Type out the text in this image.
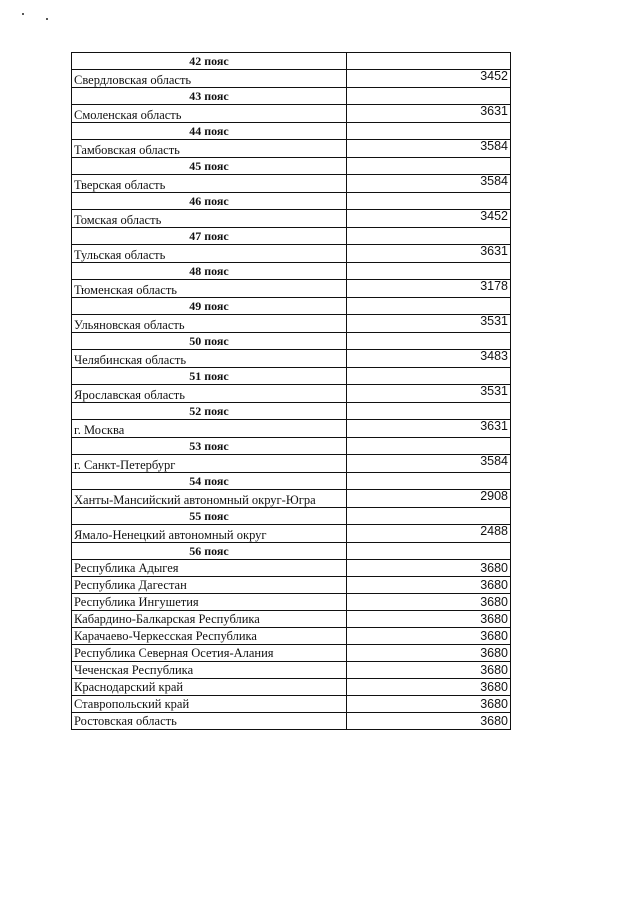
42 пояс	
Свердловская область	3452
43 пояс	
Смоленская область	3631
44 пояс	
Тамбовская область	3584
45 пояс	
Тверская область	3584
46 пояс	
Томская область	3452
47 пояс	
Тульская область	3631
48 пояс	
Тюменская область	3178
49 пояс	
Ульяновская область	3531
50 пояс	
Челябинская область	3483
51 пояс	
Ярославская область	3531
52 пояс	
г. Москва	3631
53 пояс	
г. Санкт-Петербург	3584
54 пояс	
Ханты-Мансийский автономный округ-Югра	2908
55 пояс	
Ямало-Ненецкий автономный округ	2488
56 пояс	
Республика Адыгея	3680
Республика Дагестан	3680
Республика Ингушетия	3680
Кабардино-Балкарская Республика	3680
Карачаево-Черкесская Республика	3680
Республика Северная Осетия-Алания	3680
Чеченская Республика	3680
Краснодарский край	3680
Ставропольский край	3680
Ростовская область	3680
